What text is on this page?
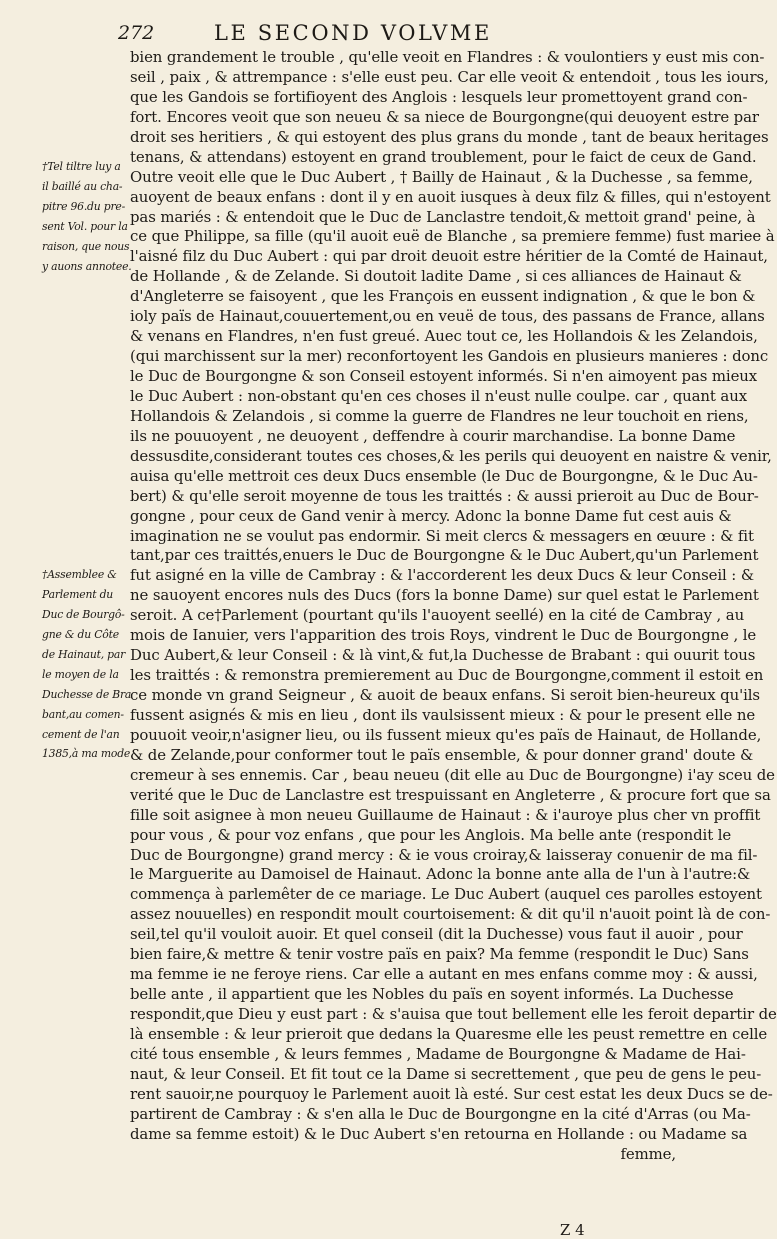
272	LE SECOND VOLVME
bien grandement le trouble , qu'elle veoit en Flandres : & voulontiers y eust mis con-
seil , paix , & attrempance : s'elle eust peu. Car elle veoit & entendoit , tous les iours,
que les Gandois se fortifioyent des Anglois : lesquels leur promettoyent grand con-
fort. Encores veoit que son neueu & sa niece de Bourgongne(qui deuoyent estre par
droit ses heritiers , & qui estoyent des plus grans du monde , tant de beaux heritages
tenans, & attendans) estoyent en grand troublement, pour le faict de ceux de Gand.
Outre veoit elle que le Duc Aubert , † Bailly de Hainaut , & la Duchesse , sa femme,
auoyent de beaux enfans : dont il y en auoit iusques à deux filz & filles, qui n'estoyent
pas mariés : & entendoit que le Duc de Lanclastre tendoit,& mettoit grand' peine, à
ce que Philippe, sa fille (qu'il auoit euë de Blanche , sa premiere femme) fust mariee à
l'aisné filz du Duc Aubert : qui par droit deuoit estre héritier de la Comté de Hainaut,
de Hollande , & de Zelande. Si doutoit ladite Dame , si ces alliances de Hainaut &
d'Angleterre se faisoyent , que les François en eussent indignation , & que le bon &
ioly païs de Hainaut,couuertement,ou en veuë de tous, des passans de France, allans
& venans en Flandres, n'en fust greué. Auec tout ce, les Hollandois & les Zelandois,
(qui marchissent sur la mer) reconfortoyent les Gandois en plusieurs manieres : donc
le Duc de Bourgongne & son Conseil estoyent informés. Si n'en aimoyent pas mieux
le Duc Aubert : non-obstant qu'en ces choses il n'eust nulle coulpe. car , quant aux
Hollandois & Zelandois , si comme la guerre de Flandres ne leur touchoit en riens,
ils ne pouuoyent , ne deuoyent , deffendre à courir marchandise. La bonne Dame
dessusdite,considerant toutes ces choses,& les perils qui deuoyent en naistre & venir,
auisa qu'elle mettroit ces deux Ducs ensemble (le Duc de Bourgongne, & le Duc Au-
bert) & qu'elle seroit moyenne de tous les traittés : & aussi prieroit au Duc de Bour-
gongne , pour ceux de Gand venir à mercy. Adonc la bonne Dame fut cest auis &
imagination ne se voulut pas endormir. Si meit clercs & messagers en œuure : & fit
tant,par ces traittés,enuers le Duc de Bourgongne & le Duc Aubert,qu'un Parlement
fut asigné en la ville de Cambray : & l'accorderent les deux Ducs & leur Conseil : &
ne sauoyent encores nuls des Ducs (fors la bonne Dame) sur quel estat le Parlement
seroit. A ce†Parlement (pourtant qu'ils l'auoyent seellé) en la cité de Cambray , au
mois de Ianuier, vers l'apparition des trois Roys, vindrent le Duc de Bourgongne , le
Duc Aubert,& leur Conseil : & là vint,& fut,la Duchesse de Brabant : qui ouurit tous
les traittés : & remonstra premierement au Duc de Bourgongne,comment il estoit en
ce monde vn grand Seigneur , & auoit de beaux enfans. Si seroit bien-heureux qu'ils
fussent asignés & mis en lieu , dont ils vaulsissent mieux : & pour le present elle ne
pouuoit veoir,n'asigner lieu, ou ils fussent mieux qu'es païs de Hainaut, de Hollande,
& de Zelande,pour conformer tout le païs ensemble, & pour donner grand' doute &
cremeur à ses ennemis. Car , beau neueu (dit elle au Duc de Bourgongne) i'ay sceu de
verité que le Duc de Lanclastre est trespuissant en Angleterre , & procure fort que sa
fille soit asignee à mon neueu Guillaume de Hainaut : & i'auroye plus cher vn proffit
pour vous , & pour voz enfans , que pour les Anglois. Ma belle ante (respondit le
Duc de Bourgongne) grand mercy : & ie vous croiray,& laisseray conuenir de ma fil-
le Marguerite au Damoisel de Hainaut. Adonc la bonne ante alla de l'un à l'autre:&
commença à parlemêter de ce mariage. Le Duc Aubert (auquel ces parolles estoyent
assez nouuelles) en respondit moult courtoisement: & dit qu'il n'auoit point là de con-
seil,tel qu'il vouloit auoir. Et quel conseil (dit la Duchesse) vous faut il auoir , pour
bien faire,& mettre & tenir vostre païs en paix? Ma femme (respondit le Duc) Sans
ma femme ie ne feroye riens. Car elle a autant en mes enfans comme moy : & aussi,
belle ante , il appartient que les Nobles du païs en soyent informés. La Duchesse
respondit,que Dieu y eust part : & s'auisa que tout bellement elle les feroit departir de
là ensemble : & leur prieroit que dedans la Quaresme elle les peust remettre en celle
cité tous ensemble , & leurs femmes , Madame de Bourgongne & Madame de Hai-
naut, & leur Conseil. Et fit tout ce la Dame si secrettement , que peu de gens le peu-
rent sauoir,ne pourquoy le Parlement auoit là esté. Sur cest estat les deux Ducs se de-
partirent de Cambray : & s'en alla le Duc de Bourgongne en la cité d'Arras (ou Ma-
dame sa femme estoit) & le Duc Aubert s'en retourna en Hollande : ou Madame sa
femme,
†Tel tiltre luy a
il baillé au cha-
pitre 96.du pre-
sent Vol. pour la
raison, que nous
y auons annotee.
†Assemblee &
Parlement du
Duc de Bourgô-
gne & du Côte
de Hainaut, par
le moyen de la
Duchesse de Bra
bant,au comen-
cement de l'an
1385,à ma mode.
Z 4
